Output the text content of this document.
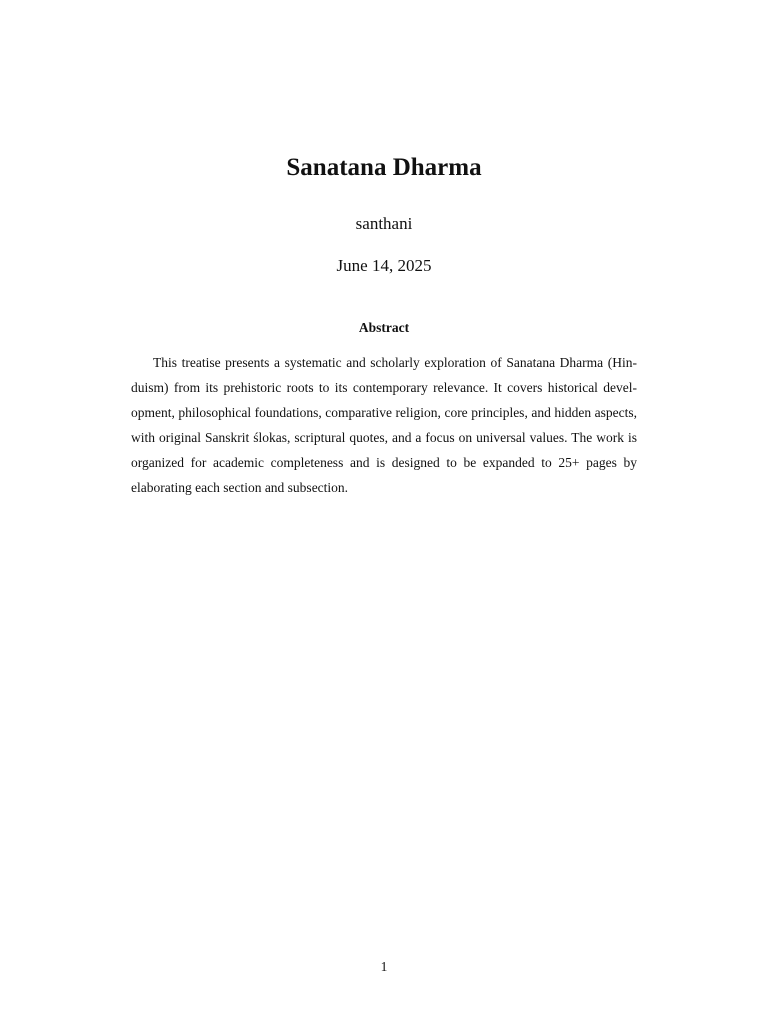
Sanatana Dharma
santhani
June 14, 2025
Abstract

This treatise presents a systematic and scholarly exploration of Sanatana Dharma (Hinduism) from its prehistoric roots to its contemporary relevance. It covers historical development, philosophical foundations, comparative religion, core principles, and hidden aspects, with original Sanskrit ślokas, scriptural quotes, and a focus on universal values. The work is organized for academic completeness and is designed to be expanded to 25+ pages by elaborating each section and subsection.

1
